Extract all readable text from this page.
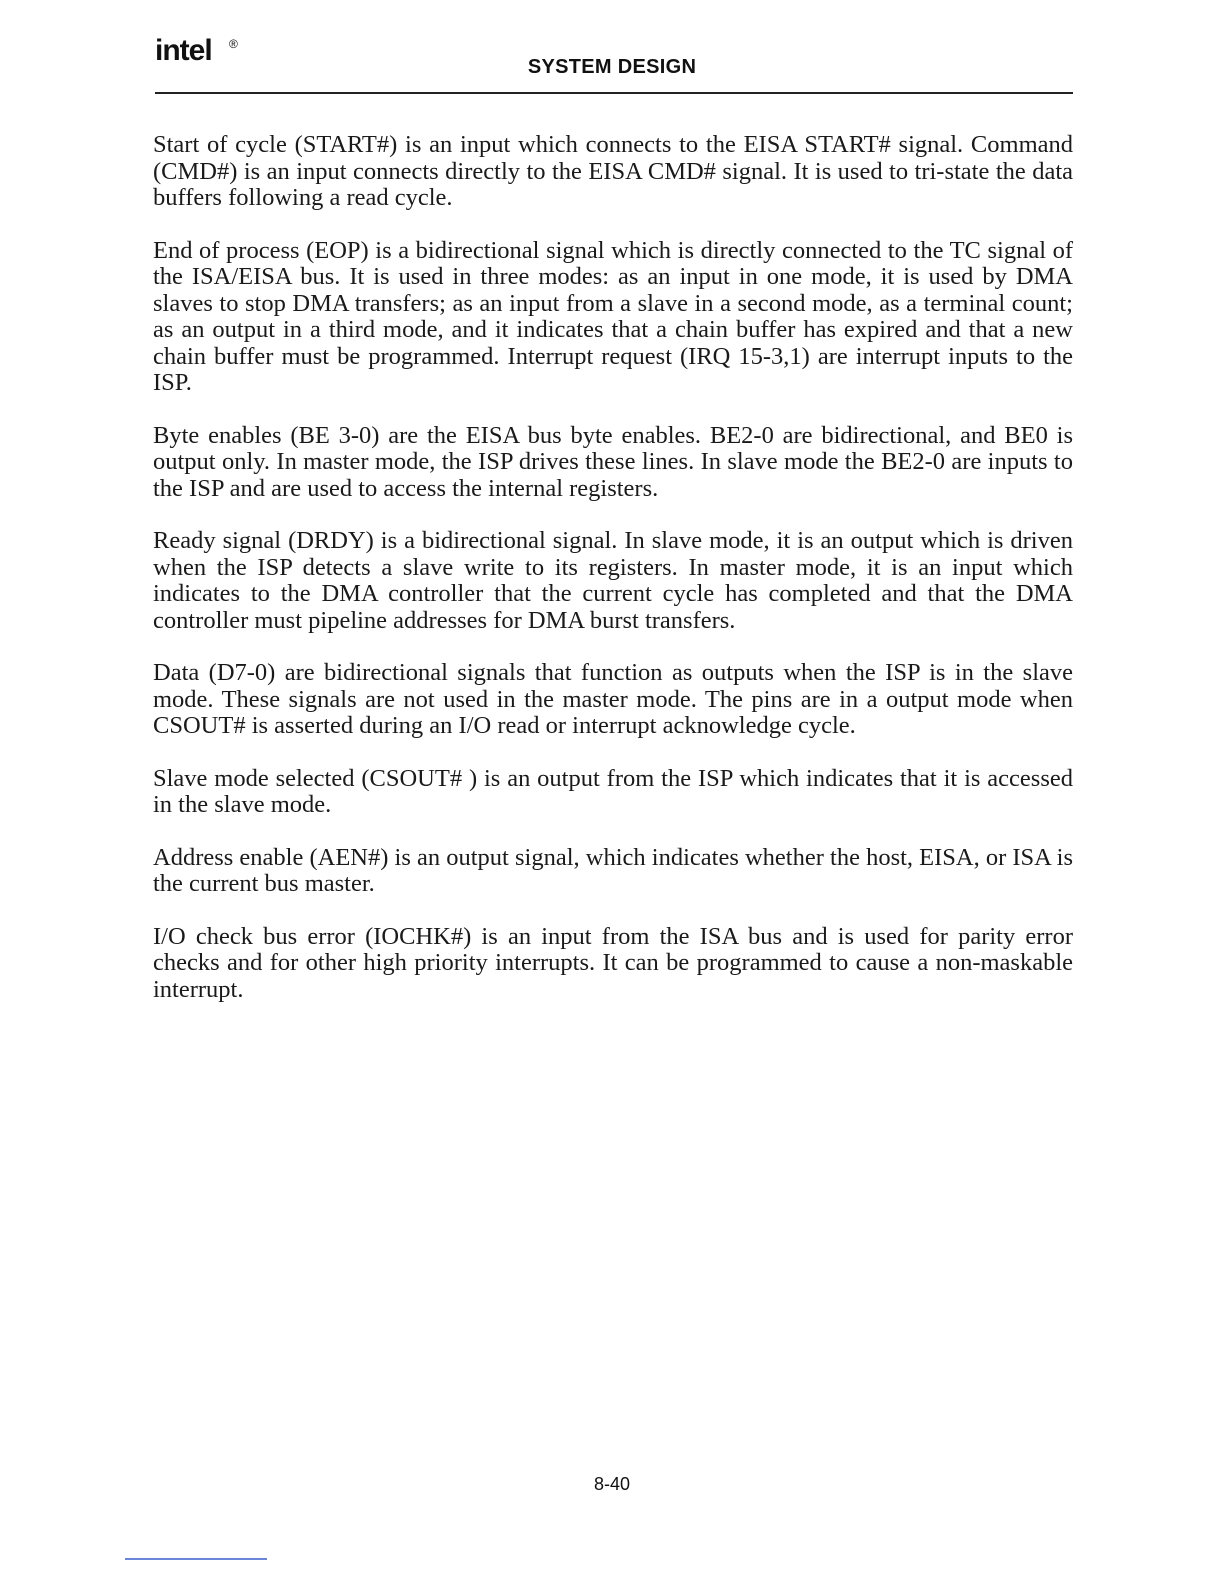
intel ®
SYSTEM DESIGN

Start of cycle (START#) is an input which connects to the EISA START# signal. Command (CMD#) is an input connects directly to the EISA CMD# signal. It is used to tri-state the data buffers following a read cycle.

End of process (EOP) is a bidirectional signal which is directly connected to the TC signal of the ISA/EISA bus. It is used in three modes: as an input in one mode, it is used by DMA slaves to stop DMA transfers; as an input from a slave in a second mode, as a terminal count; as an output in a third mode, and it indicates that a chain buffer has expired and that a new chain buffer must be programmed. Interrupt request (IRQ 15-3,1) are interrupt inputs to the ISP.

Byte enables (BE 3-0) are the EISA bus byte enables. BE2-0 are bidirectional, and BE0 is output only. In master mode, the ISP drives these lines. In slave mode the BE2-0 are inputs to the ISP and are used to access the internal registers.

Ready signal (DRDY) is a bidirectional signal. In slave mode, it is an output which is driven when the ISP detects a slave write to its registers. In master mode, it is an input which indicates to the DMA controller that the current cycle has completed and that the DMA controller must pipeline addresses for DMA burst transfers.

Data (D7-0) are bidirectional signals that function as outputs when the ISP is in the slave mode. These signals are not used in the master mode. The pins are in a output mode when CSOUT# is asserted during an I/O read or interrupt acknowledge cycle.

Slave mode selected (CSOUT# ) is an output from the ISP which indicates that it is accessed in the slave mode.

Address enable (AEN#) is an output signal, which indicates whether the host, EISA, or ISA is the current bus master.

I/O check bus error (IOCHK#) is an input from the ISA bus and is used for parity error checks and for other high priority interrupts. It can be programmed to cause a non-maskable interrupt.

8-40
